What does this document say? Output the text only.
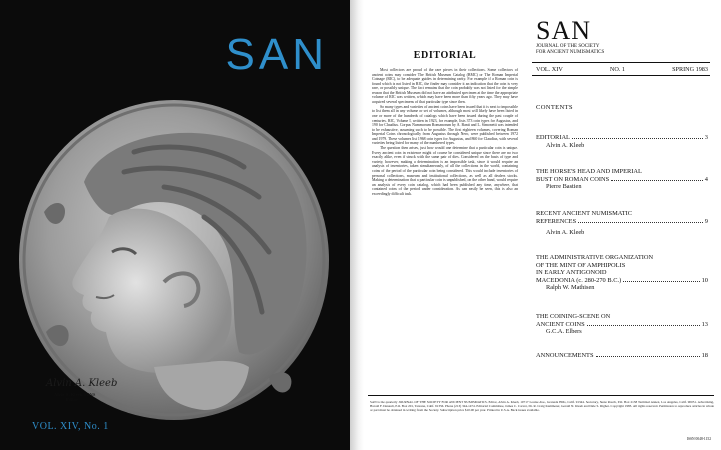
SAN
VOL. XIV, No. 1
EDITORIAL

Most collectors are proud of the rare pieces in their collections. Some collectors of ancient coins may consider The British Museum Catalog (BMC) or The Roman Imperial Coinage (RIC), to be adequate guides in determining rarity. For example if a Roman coin is found which is not listed in RIC, the finder may consider it an indication that the coin is very rare, or possibly unique. The fact remains that the coin probably was not listed for the simple reason that the British Museum did not have an attributed specimen at the time the appropriate volume of RIC was written, which may have been more than fifty years ago. They may have acquired several specimens of that particular type since then.

So many types and varieties of ancient coins have been issued that it is next to impossible to list them all in any volume or set of volumes, although most will likely have been listed in one or more of the hundreds of catalogs which have been issued during the past couple of centuries. RIC, Volume I, written in 1923, for example, lists 373 coin types for Augustus, and 190 for Claudius. Corpus Nummorum Romanorum by A. Banti and L. Simonetti was intended to be exhaustive, assuming such to be possible. The first eighteen volumes, covering Roman Imperial Coins chronologically from Augustus through Nero, were published between 1972 and 1979. These volumes list 1968 coin types for Augustus, and 860 for Claudius, with several varieties being listed for many of the numbered types.

The question then arises, just how would one determine that a particular coin is unique. Every ancient coin in existence might of course be considered unique since there are no two exactly alike, even if struck with the same pair of dies. Considered on the basis of type and variety, however, making a determination is an impossible task, since it would require an analysis of inventories, taken simultaneously, of all the collections in the world, containing coins of the period of the particular coin being considered. This would include inventories of personal collections, museum and institutional collections, as well as all dealers stocks. Making a determination that a particular coin is unpublished, on the other hand, would require an analysis of every coin catalog, which had been published any time, anywhere, that contained coins of the period under consideration. As can easily be seen, this is also an exceedingly difficult task.

Alvin A. Kleeb
Alvin A. Kleeb, FENS
Editor
SAN
JOURNAL OF THE SOCIETY
FOR ANCIENT NUMISMATICS
VOL. XIV	NO. 1	SPRING 1983
CONTENTS
EDITORIAL	3
Alvin A. Kleeb
THE HORSE'S HEAD AND IMPERIAL
BUST ON ROMAN COINS	4
Pierre Bastien
RECENT ANCIENT NUMISMATIC
REFERENCES	9
Alvin A. Kleeb
THE ADMINISTRATIVE ORGANIZATION
OF THE MINT OF AMPHIPOLIS
IN EARLY ANTIGONOID
MACEDONIA (c. 280-270 B.C.)	10
Ralph W. Mathisen
THE COINING-SCENE ON
ANCIENT COINS	13
G.C.A. Elbers
ANNOUNCEMENTS	18
SAN is the quarterly JOURNAL OF THE SOCIETY FOR ANCIENT NUMISMATICS. Editor, Alvin A. Kleeb, 10717 Louise Ave., Granada Hills, Calif. 91344. Secretary, Susie Rasch, P.O. Box 2138 Terminal Annex, Los Angeles, Calif. 90051. Advertising, Harold F. Denault, P.O. Box 201, Tarzana, Calif. 91356. Phone (213) 344-1474. Editorial Committee, James C. Carver, Dr. R. Craig Kammerer, Gerald N. Kleeb and Dale S. Righer. Copyright 1983. All rights reserved. Permission to reproduce articles in whole or part must be obtained in writing from the Society. Subscription price $10.00 per year. Printed in U.S.A. Back issues available.
ISSN 0048-1152
